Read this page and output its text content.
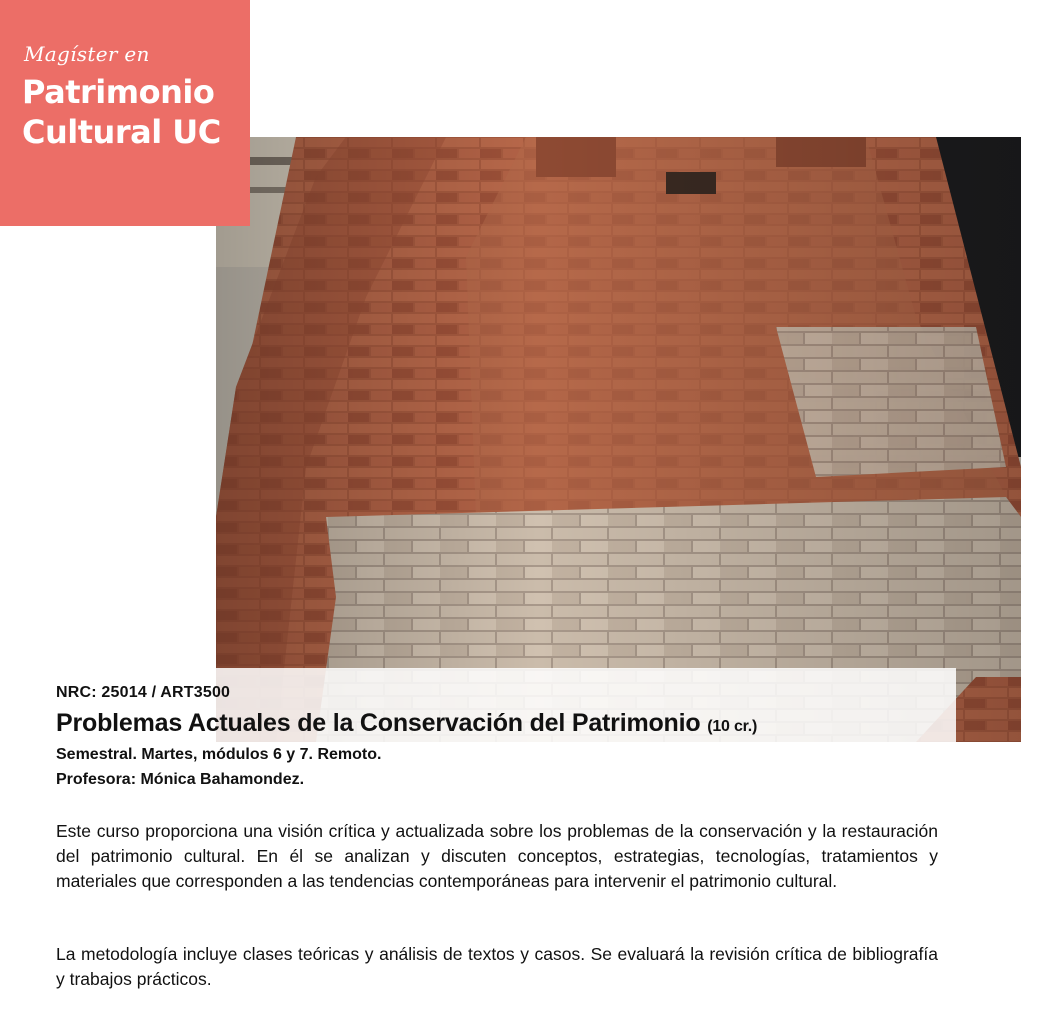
Magíster en
Patrimonio Cultural UC
NRC: 25014 / ART3500
Problemas Actuales de la Conservación del Patrimonio (10 cr.)
Semestral. Martes, módulos 6 y 7. Remoto.
Profesora: Mónica Bahamondez.

Este curso proporciona una visión crítica y actualizada sobre los problemas de la conservación y la restauración del patrimonio cultural. En él se analizan y discuten conceptos, estrategias, tecnologías, tratamientos y materiales que corresponden a las tendencias contemporáneas para intervenir el patrimonio cultural.

La metodología incluye clases teóricas y análisis de textos y casos. Se evaluará la revisión crítica de bibliografía y trabajos prácticos.
